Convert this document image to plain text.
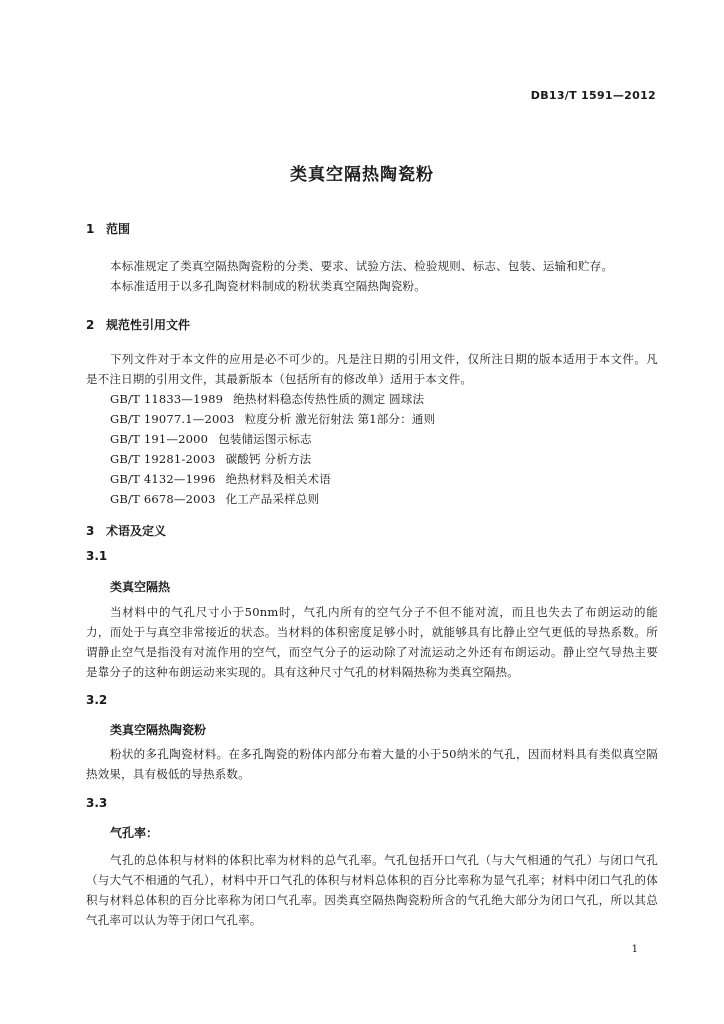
DB13/T 1591—2012
类真空隔热陶瓷粉
1 范围

本标准规定了类真空隔热陶瓷粉的分类、要求、试验方法、检验规则、标志、包装、运输和贮存。

本标准适用于以多孔陶瓷材料制成的粉状类真空隔热陶瓷粉。

2 规范性引用文件

下列文件对于本文件的应用是必不可少的。凡是注日期的引用文件，仅所注日期的版本适用于本文件。凡是不注日期的引用文件，其最新版本（包括所有的修改单）适用于本文件。

GB/T 11833—1989 绝热材料稳态传热性质的测定 圆球法
GB/T 19077.1—2003 粒度分析 激光衍射法 第1部分：通则
GB/T 191—2000 包装储运图示标志
GB/T 19281-2003 碳酸钙 分析方法
GB/T 4132—1996 绝热材料及相关术语
GB/T 6678—2003 化工产品采样总则
3 术语及定义
3.1
类真空隔热

当材料中的气孔尺寸小于50nm时，气孔内所有的空气分子不但不能对流，而且也失去了布朗运动的能力，而处于与真空非常接近的状态。当材料的体积密度足够小时，就能够具有比静止空气更低的导热系数。所谓静止空气是指没有对流作用的空气，而空气分子的运动除了对流运动之外还有布朗运动。静止空气导热主要是靠分子的这种布朗运动来实现的。具有这种尺寸气孔的材料隔热称为类真空隔热。

3.2
类真空隔热陶瓷粉

粉状的多孔陶瓷材料。在多孔陶瓷的粉体内部分布着大量的小于50纳米的气孔，因而材料具有类似真空隔热效果，具有极低的导热系数。

3.3
气孔率：

气孔的总体积与材料的体积比率为材料的总气孔率。气孔包括开口气孔（与大气相通的气孔）与闭口气孔（与大气不相通的气孔），材料中开口气孔的体积与材料总体积的百分比率称为显气孔率；材料中闭口气孔的体积与材料总体积的百分比率称为闭口气孔率。因类真空隔热陶瓷粉所含的气孔绝大部分为闭口气孔，所以其总气孔率可以认为等于闭口气孔率。

1
